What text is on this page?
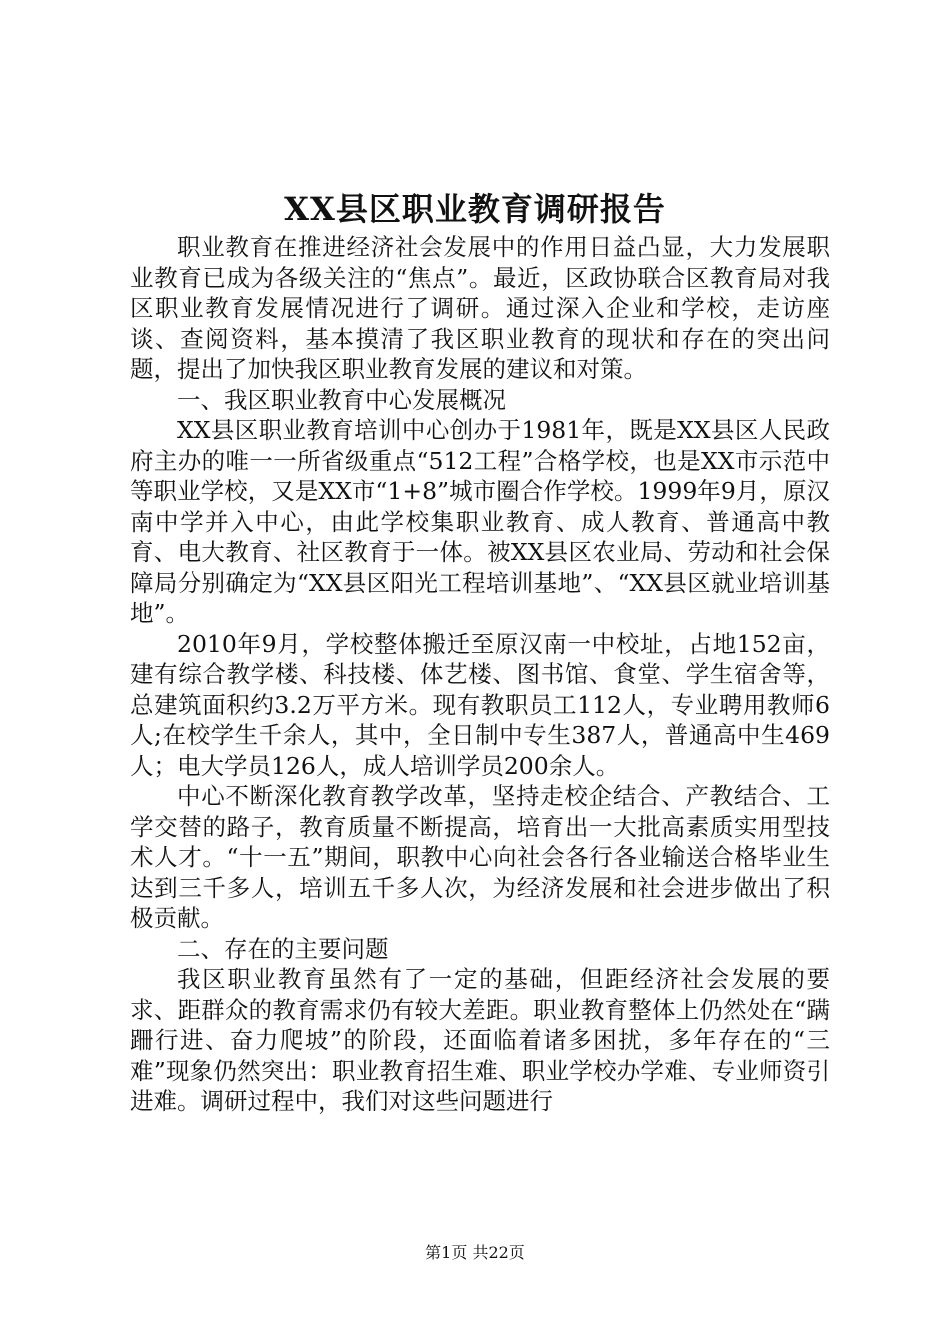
XX县区职业教育调研报告

职业教育在推进经济社会发展中的作用日益凸显，大力发展职业教育已成为各级关注的“焦点”。最近，区政协联合区教育局对我区职业教育发展情况进行了调研。通过深入企业和学校，走访座谈、查阅资料，基本摸清了我区职业教育的现状和存在的突出问题，提出了加快我区职业教育发展的建议和对策。

一、我区职业教育中心发展概况

XX县区职业教育培训中心创办于1981年，既是XX县区人民政府主办的唯一一所省级重点“512工程”合格学校，也是XX市示范中等职业学校，又是XX市“1+8”城市圈合作学校。1999年9月，原汉南中学并入中心，由此学校集职业教育、成人教育、普通高中教育、电大教育、社区教育于一体。被XX县区农业局、劳动和社会保障局分别确定为“XX县区阳光工程培训基地”、“XX县区就业培训基地”。

2010年9月，学校整体搬迁至原汉南一中校址，占地152亩，建有综合教学楼、科技楼、体艺楼、图书馆、食堂、学生宿舍等，总建筑面积约3.2万平方米。现有教职员工112人，专业聘用教师6人;在校学生千余人，其中，全日制中专生387人，普通高中生469人；电大学员126人，成人培训学员200余人。

中心不断深化教育教学改革，坚持走校企结合、产教结合、工学交替的路子，教育质量不断提高，培育出一大批高素质实用型技术人才。“十一五”期间，职教中心向社会各行各业输送合格毕业生达到三千多人，培训五千多人次，为经济发展和社会进步做出了积极贡献。

二、存在的主要问题

我区职业教育虽然有了一定的基础，但距经济社会发展的要求、距群众的教育需求仍有较大差距。职业教育整体上仍然处在“蹒跚行进、奋力爬坡”的阶段，还面临着诸多困扰，多年存在的“三难”现象仍然突出：职业教育招生难、职业学校办学难、专业师资引进难。调研过程中，我们对这些问题进行

第1页 共22页
